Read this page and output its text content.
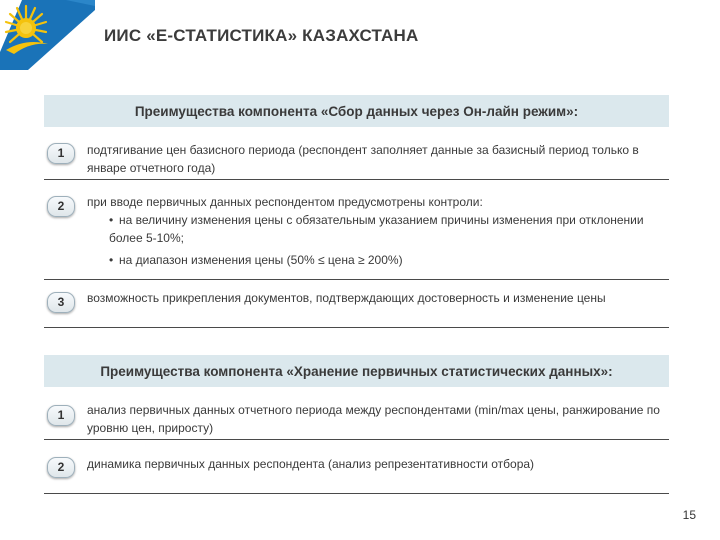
ИИС «Е-СТАТИСТИКА» КАЗАХСТАНА
Преимущества компонента «Сбор данных через Он-лайн режим»:
1	подтягивание цен базисного периода (респондент заполняет данные за базисный период только в январе отчетного года)
2	при вводе первичных данных респондентом предусмотрены контроли:
• на величину изменения цены с обязательным указанием причины изменения при отклонении более 5-10%;
• на диапазон изменения цены (50% ≤ цена ≥ 200%)
3	возможность прикрепления документов, подтверждающих достоверность и изменение цены
Преимущества компонента «Хранение первичных статистических данных»:
1	анализ первичных данных отчетного периода между респондентами (min/max цены, ранжирование по уровню цен, приросту)
2	динамика первичных данных респондента (анализ репрезентативности отбора)
15
